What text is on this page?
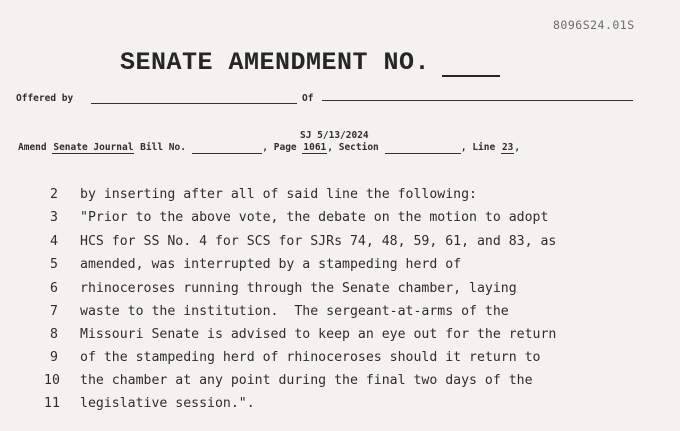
8096S24.01S
SENATE AMENDMENT NO.
Offered by	Of
SJ 5/13/2024
Amend Senate Journal Bill No.	, Page 1061, Section	, Line 23,
2 by inserting after all of said line the following:
3 "Prior to the above vote, the debate on the motion to adopt
4 HCS for SS No. 4 for SCS for SJRs 74, 48, 59, 61, and 83, as
5 amended, was interrupted by a stampeding herd of
6 rhinoceroses running through the Senate chamber, laying
7 waste to the institution.  The sergeant-at-arms of the
8 Missouri Senate is advised to keep an eye out for the return
9 of the stampeding herd of rhinoceroses should it return to
10 the chamber at any point during the final two days of the
11 legislative session.".
